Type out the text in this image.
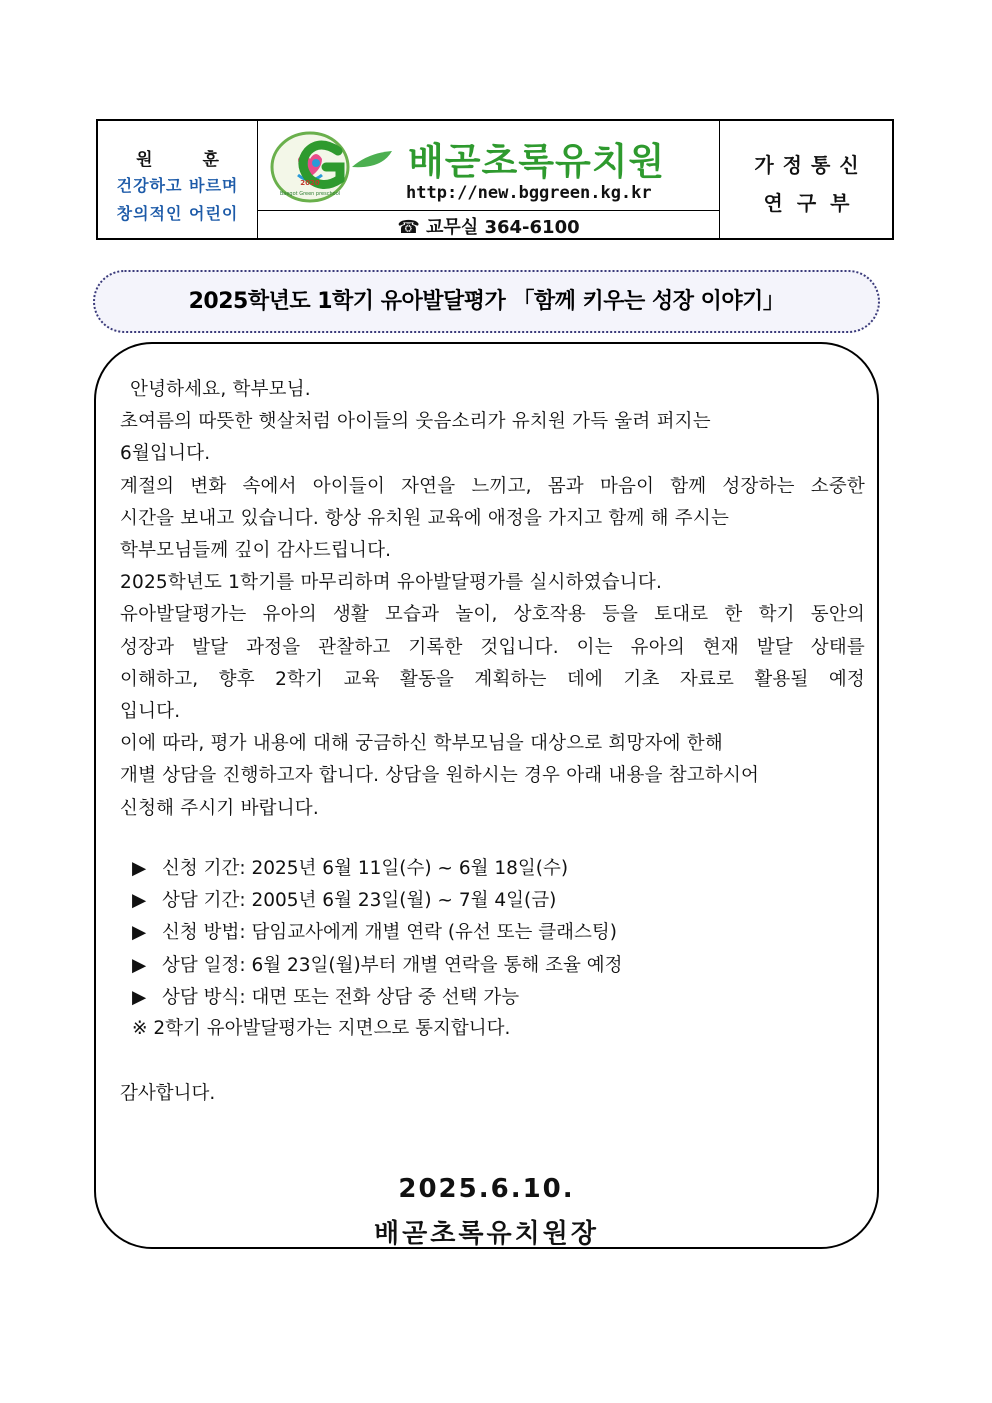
원 훈
건강하고 바르며
창의적인 어린이
2020
Baegot Green preschool
배곧초록유치원
http://new.bggreen.kg.kr
☎ 교무실 364-6100
가정통신
연구부
2025학년도 1학기 유아발달평가 「함께 키우는 성장 이야기」

안녕하세요, 학부모님.

초여름의 따뜻한 햇살처럼 아이들의 웃음소리가 유치원 가득 울려 퍼지는

6월입니다.

계절의 변화 속에서 아이들이 자연을 느끼고, 몸과 마음이 함께 성장하는 소중한

시간을 보내고 있습니다. 항상 유치원 교육에 애정을 가지고 함께 해 주시는

학부모님들께 깊이 감사드립니다.

2025학년도 1학기를 마무리하며 유아발달평가를 실시하였습니다.

유아발달평가는 유아의 생활 모습과 놀이, 상호작용 등을 토대로 한 학기 동안의

성장과 발달 과정을 관찰하고 기록한 것입니다. 이는 유아의 현재 발달 상태를

이해하고, 향후 2학기 교육 활동을 계획하는 데에 기초 자료로 활용될 예정

입니다.

이에 따라, 평가 내용에 대해 궁금하신 학부모님을 대상으로 희망자에 한해

개별 상담을 진행하고자 합니다. 상담을 원하시는 경우 아래 내용을 참고하시어

신청해 주시기 바랍니다.

▶ 신청 기간: 2025년 6월 11일(수) ~ 6월 18일(수)
▶ 상담 기간: 2005년 6월 23일(월) ~ 7월 4일(금)
▶ 신청 방법: 담임교사에게 개별 연락 (유선 또는 클래스팅)
▶ 상담 일정: 6월 23일(월)부터 개별 연락을 통해 조율 예정
▶ 상담 방식: 대면 또는 전화 상담 중 선택 가능
※ 2학기 유아발달평가는 지면으로 통지합니다.
감사합니다.
2025.6.10.
배곧초록유치원장
